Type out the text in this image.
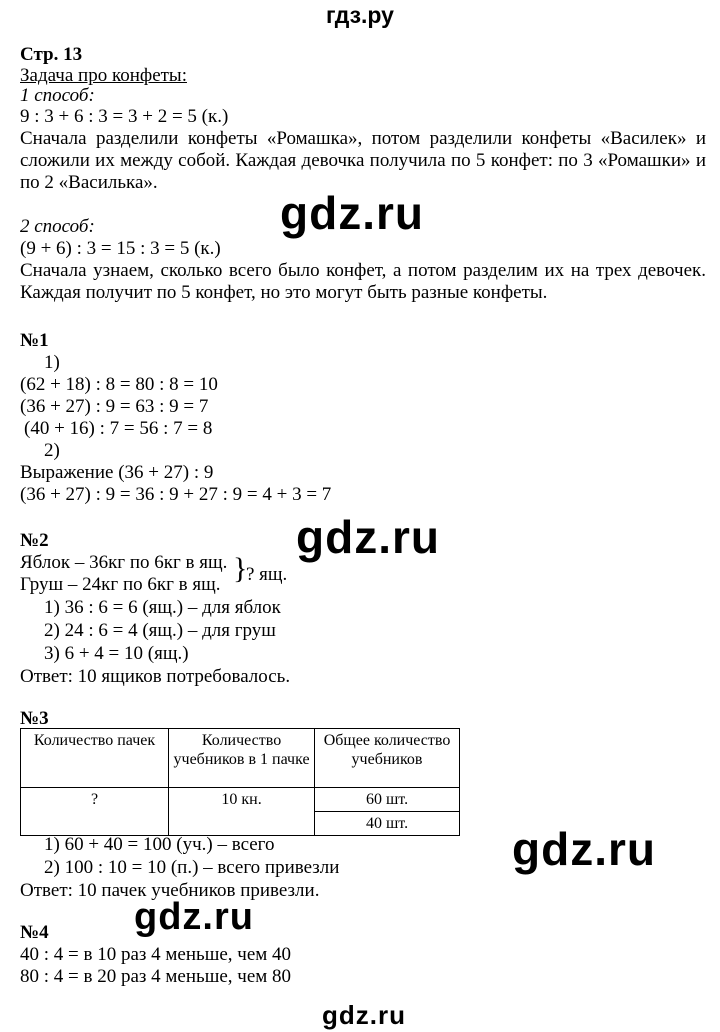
гдз.ру
Стр. 13
Задача про конфеты:
1 способ:
9 : 3 + 6 : 3 = 3 + 2 = 5 (к.)
Сначала разделили конфеты «Ромашка», потом разделили конфеты «Василек» и сложили их между собой. Каждая девочка получила по 5 конфет: по 3 «Ромашки» и по 2 «Василька».
gdz.ru
2 способ:
(9 + 6) : 3 = 15 : 3 = 5 (к.)
Сначала узнаем, сколько всего было конфет, а потом разделим их на трех девочек. Каждая получит по 5 конфет, но это могут быть разные конфеты.
№1
1)
(62 + 18) : 8 = 80 : 8 = 10
(36 + 27) : 9 = 63 : 9 = 7
(40 + 16) : 7 = 56 : 7 = 8
2)
Выражение (36 + 27) : 9
(36 + 27) : 9 = 36 : 9 + 27 : 9 = 4 + 3 = 7
gdz.ru
№2
Яблок – 36кг по 6кг в ящ.
Груш – 24кг по 6кг в ящ. }
? ящ.
1) 36 : 6 = 6 (ящ.) – для яблок
2) 24 : 6 = 4 (ящ.) – для груш
3) 6 + 4 = 10 (ящ.)
Ответ: 10 ящиков потребовалось.
№3
Количество пачек	Количество учебников в 1 пачке	Общее количество учебников
?	10 кн.	60 шт.
		40 шт. gdz.ru
1) 60 + 40 = 100 (уч.) – всего
2) 100 : 10 = 10 (п.) – всего привезли
Ответ: 10 пачек учебников привезли.
gdz.ru
№4
40 : 4 = в 10 раз 4 меньше, чем 40
80 : 4 = в 20 раз 4 меньше, чем 80
gdz.ru
